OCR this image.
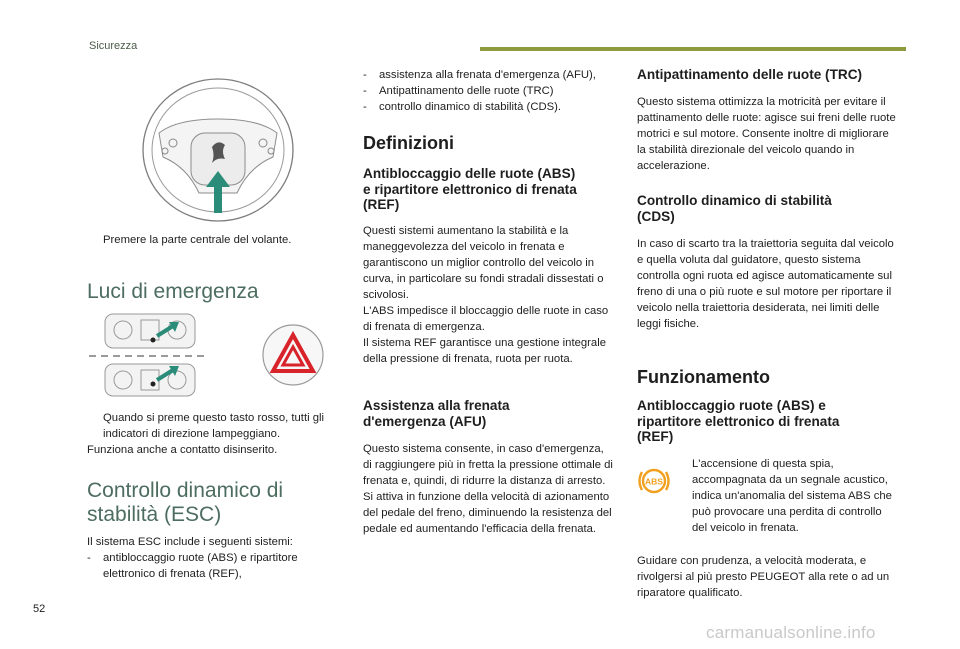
Sicurezza

Premere la parte centrale del volante.

Luci di emergenza

Quando si preme questo tasto rosso, tutti gli indicatori di direzione lampeggiano.

Funziona anche a contatto disinserito.

Controllo dinamico di
stabilità (ESC)

Il sistema ESC include i seguenti sistemi:

- antibloccaggio ruote (ABS) e ripartitore elettronico di frenata (REF),

- assistenza alla frenata d'emergenza (AFU),

- Antipattinamento delle ruote (TRC)

- controllo dinamico di stabilità (CDS).

Definizioni
Antibloccaggio delle ruote (ABS)
e ripartitore elettronico di frenata
(REF)

Questi sistemi aumentano la stabilità e la maneggevolezza del veicolo in frenata e garantiscono un miglior controllo del veicolo in curva, in particolare su fondi stradali dissestati o scivolosi.

L'ABS impedisce il bloccaggio delle ruote in caso di frenata di emergenza.

Il sistema REF garantisce una gestione integrale della pressione di frenata, ruota per ruota.

Assistenza alla frenata
d'emergenza (AFU)

Questo sistema consente, in caso d'emergenza, di raggiungere più in fretta la pressione ottimale di frenata e, quindi, di ridurre la distanza di arresto.

Si attiva in funzione della velocità di azionamento del pedale del freno, diminuendo la resistenza del pedale ed aumentando l'efficacia della frenata.

Antipattinamento delle ruote (TRC)

Questo sistema ottimizza la motricità per evitare il pattinamento delle ruote: agisce sui freni delle ruote motrici e sul motore. Consente inoltre di migliorare la stabilità direzionale del veicolo quando in accelerazione.

Controllo dinamico di stabilità
(CDS)

In caso di scarto tra la traiettoria seguita dal veicolo e quella voluta dal guidatore, questo sistema controlla ogni ruota ed agisce automaticamente sul freno di una o più ruote e sul motore per riportare il veicolo nella traiettoria desiderata, nei limiti delle leggi fisiche.

Funzionamento
Antibloccaggio ruote (ABS) e
ripartitore elettronico di frenata
(REF)
ABS

L'accensione di questa spia, accompagnata da un segnale acustico, indica un'anomalia del sistema ABS che può provocare una perdita di controllo del veicolo in frenata.

Guidare con prudenza, a velocità moderata, e rivolgersi al più presto PEUGEOT alla rete o ad un riparatore qualificato.

52
carmanualsonline.info
